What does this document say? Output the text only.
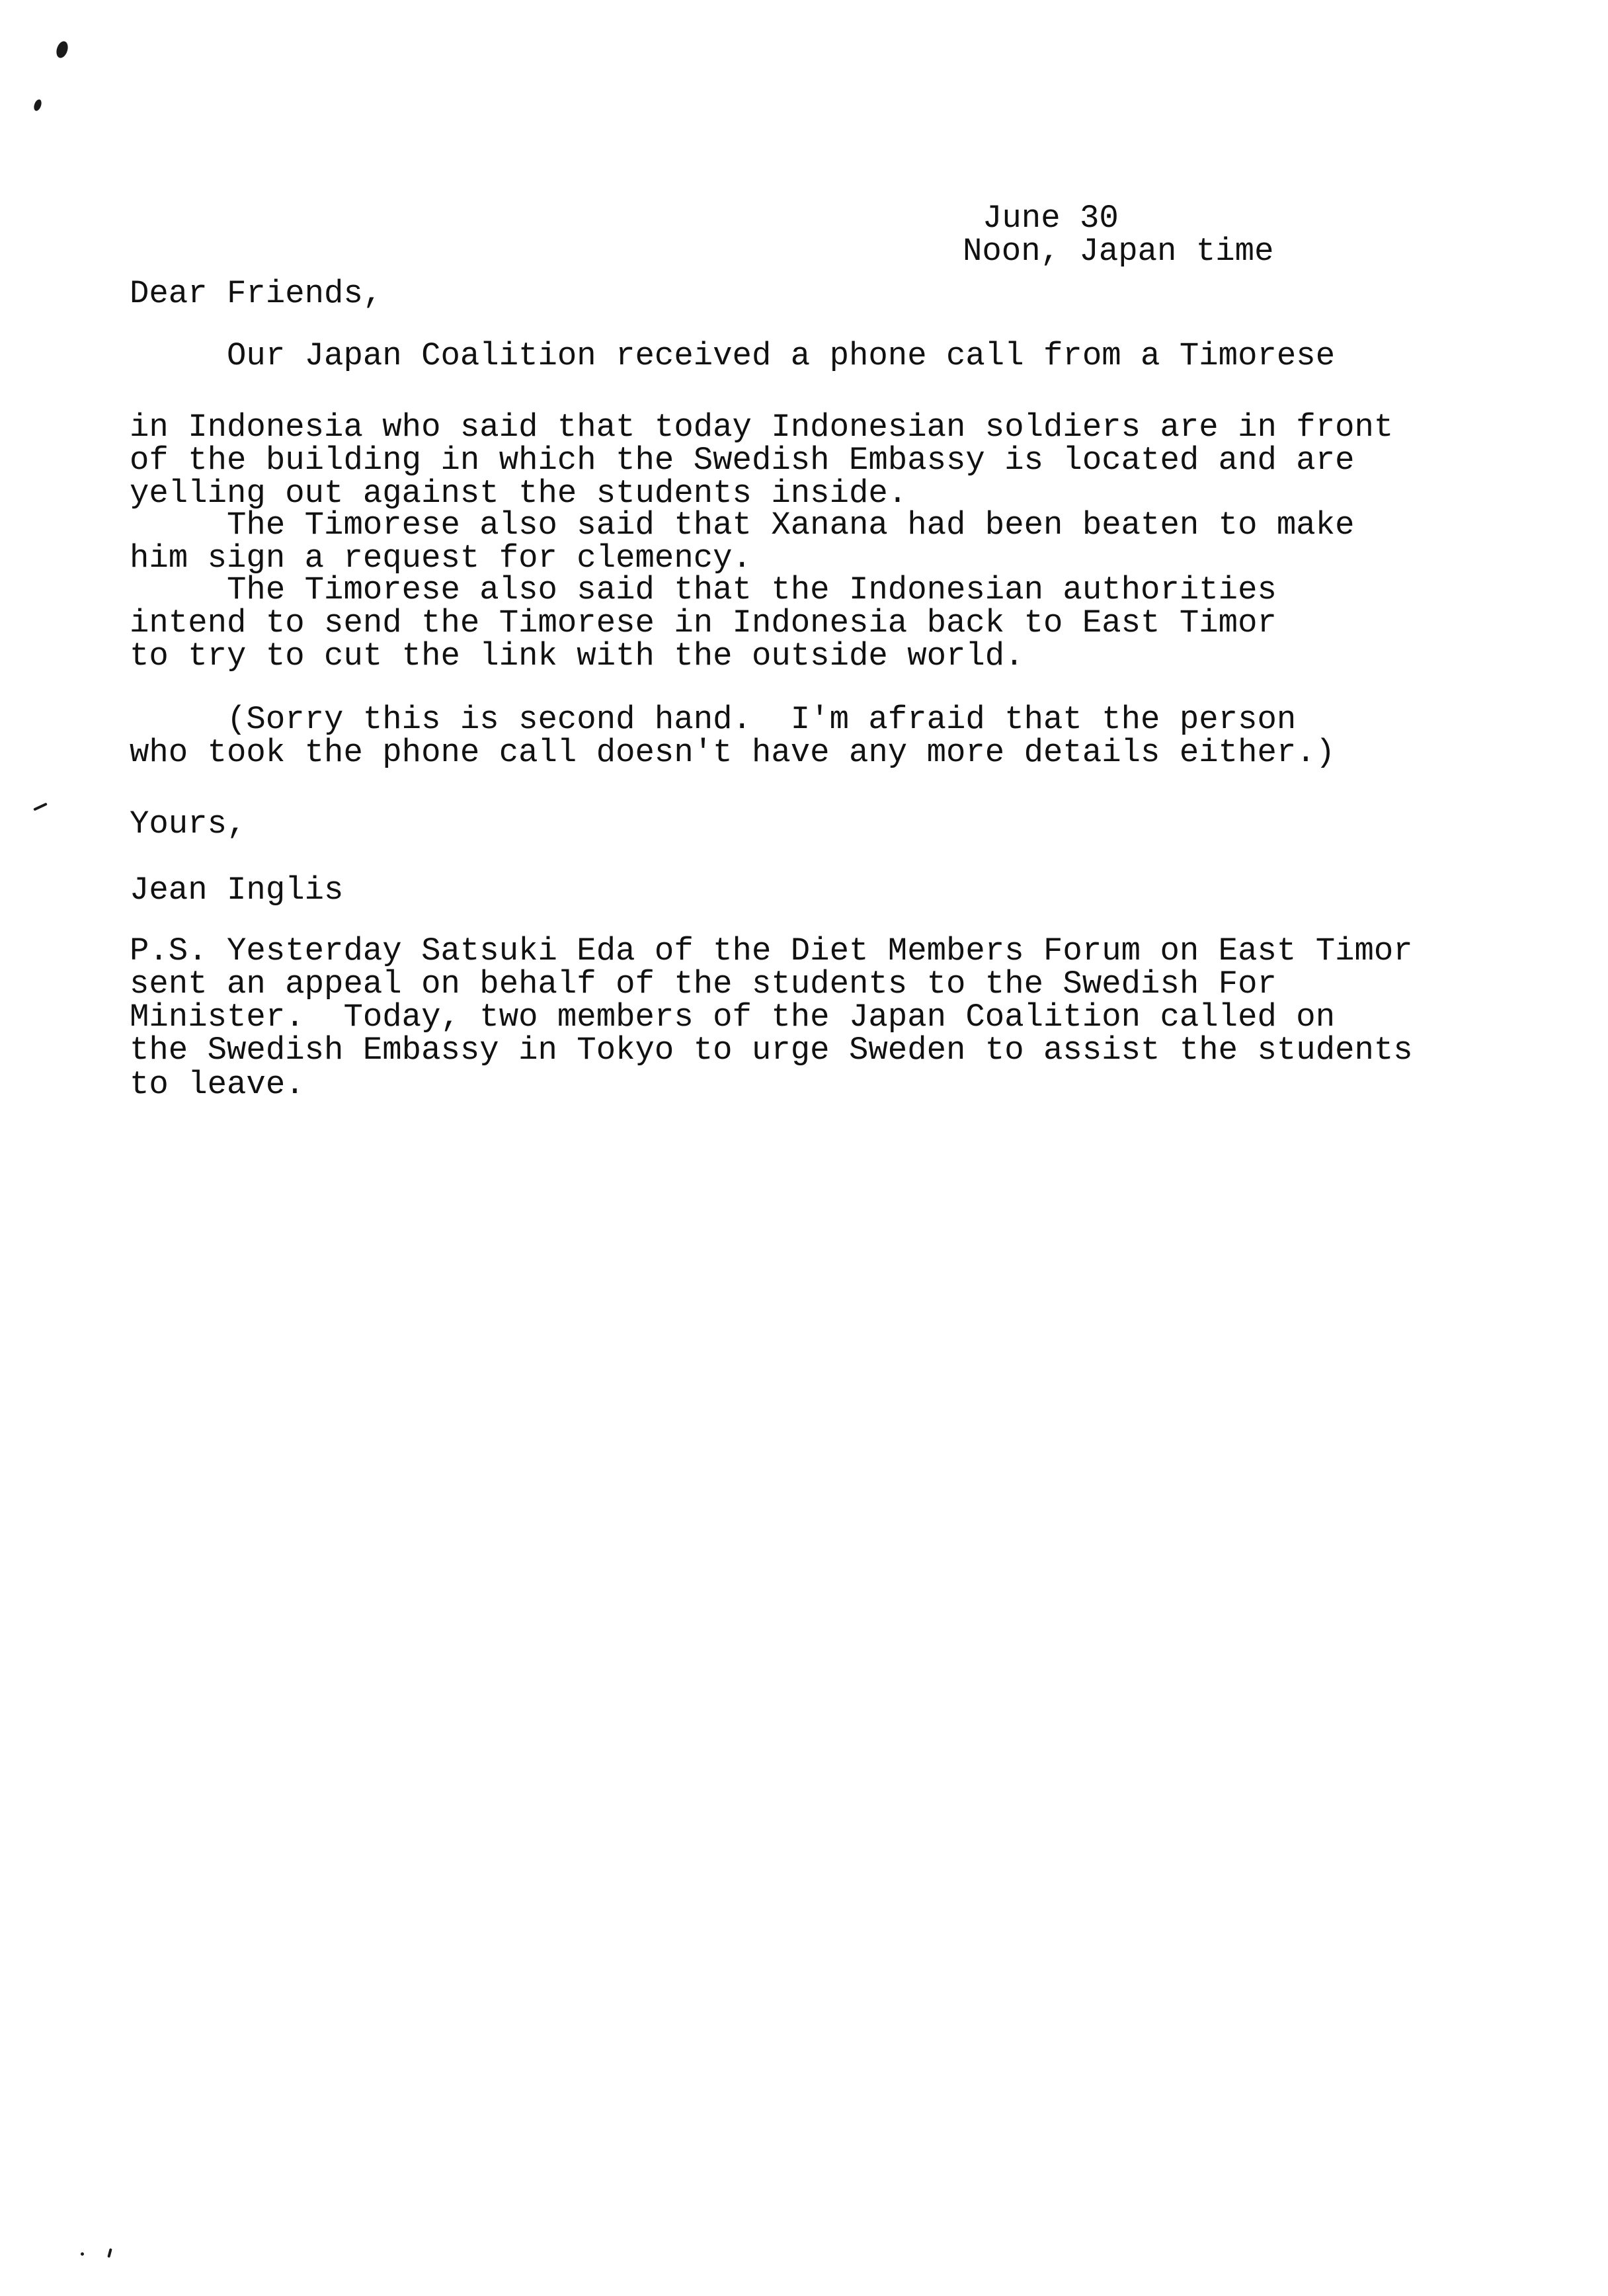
June 30

Noon, Japan time

Dear Friends,

Our Japan Coalition received a phone call from a Timorese

in Indonesia who said that today Indonesian soldiers are in front

of the building in which the Swedish Embassy is located and are

yelling out against the students inside.

The Timorese also said that Xanana had been beaten to make

him sign a request for clemency.

The Timorese also said that the Indonesian authorities

intend to send the Timorese in Indonesia back to East Timor

to try to cut the link with the outside world.

(Sorry this is second hand.  I'm afraid that the person

who took the phone call doesn't have any more details either.)

Yours,

Jean Inglis

P.S. Yesterday Satsuki Eda of the Diet Members Forum on East Timor

sent an appeal on behalf of the students to the Swedish For

Minister.  Today, two members of the Japan Coalition called on

the Swedish Embassy in Tokyo to urge Sweden to assist the students

to leave.
